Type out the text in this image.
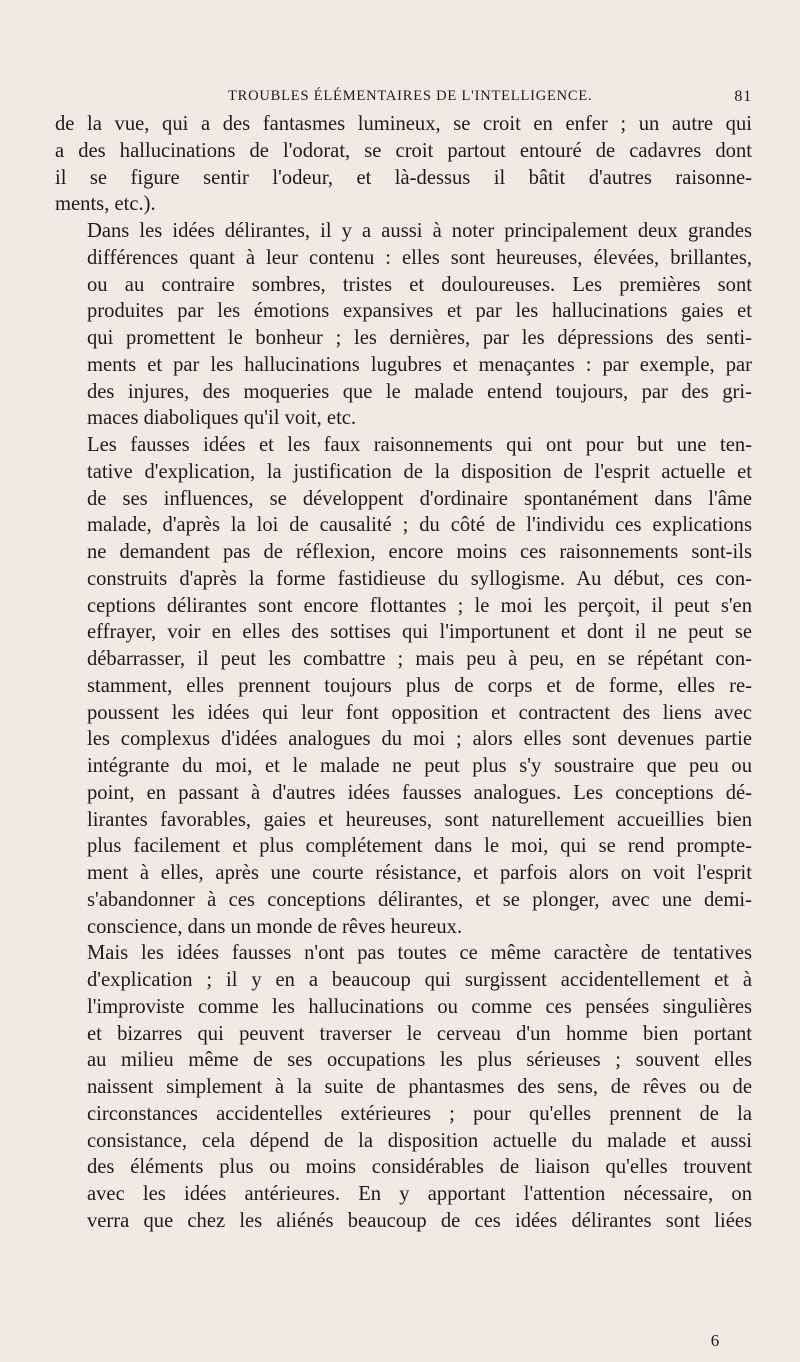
TROUBLES ÉLÉMENTAIRES DE L'INTELLIGENCE.	81

de la vue, qui a des fantasmes lumineux, se croit en enfer ; un autre qui
a des hallucinations de l'odorat, se croit partout entouré de cadavres dont
il se figure sentir l'odeur, et là-dessus il bâtit d'autres raisonne-
ments, etc.).

Dans les idées délirantes, il y a aussi à noter principalement deux grandes
différences quant à leur contenu : elles sont heureuses, élevées, brillantes,
ou au contraire sombres, tristes et douloureuses. Les premières sont
produites par les émotions expansives et par les hallucinations gaies et
qui promettent le bonheur ; les dernières, par les dépressions des senti-
ments et par les hallucinations lugubres et menaçantes : par exemple, par
des injures, des moqueries que le malade entend toujours, par des gri-
maces diaboliques qu'il voit, etc.

Les fausses idées et les faux raisonnements qui ont pour but une ten-
tative d'explication, la justification de la disposition de l'esprit actuelle et
de ses influences, se développent d'ordinaire spontanément dans l'âme
malade, d'après la loi de causalité ; du côté de l'individu ces explications
ne demandent pas de réflexion, encore moins ces raisonnements sont-ils
construits d'après la forme fastidieuse du syllogisme. Au début, ces con-
ceptions délirantes sont encore flottantes ; le moi les perçoit, il peut s'en
effrayer, voir en elles des sottises qui l'importunent et dont il ne peut se
débarrasser, il peut les combattre ; mais peu à peu, en se répétant con-
stamment, elles prennent toujours plus de corps et de forme, elles re-
poussent les idées qui leur font opposition et contractent des liens avec
les complexus d'idées analogues du moi ; alors elles sont devenues partie
intégrante du moi, et le malade ne peut plus s'y soustraire que peu ou
point, en passant à d'autres idées fausses analogues. Les conceptions dé-
lirantes favorables, gaies et heureuses, sont naturellement accueillies bien
plus facilement et plus complétement dans le moi, qui se rend prompte-
ment à elles, après une courte résistance, et parfois alors on voit l'esprit
s'abandonner à ces conceptions délirantes, et se plonger, avec une demi-
conscience, dans un monde de rêves heureux.

Mais les idées fausses n'ont pas toutes ce même caractère de tentatives
d'explication ; il y en a beaucoup qui surgissent accidentellement et à
l'improviste comme les hallucinations ou comme ces pensées singulières
et bizarres qui peuvent traverser le cerveau d'un homme bien portant
au milieu même de ses occupations les plus sérieuses ; souvent elles
naissent simplement à la suite de phantasmes des sens, de rêves ou de
circonstances accidentelles extérieures ; pour qu'elles prennent de la
consistance, cela dépend de la disposition actuelle du malade et aussi
des éléments plus ou moins considérables de liaison qu'elles trouvent
avec les idées antérieures. En y apportant l'attention nécessaire, on
verra que chez les aliénés beaucoup de ces idées délirantes sont liées

6
